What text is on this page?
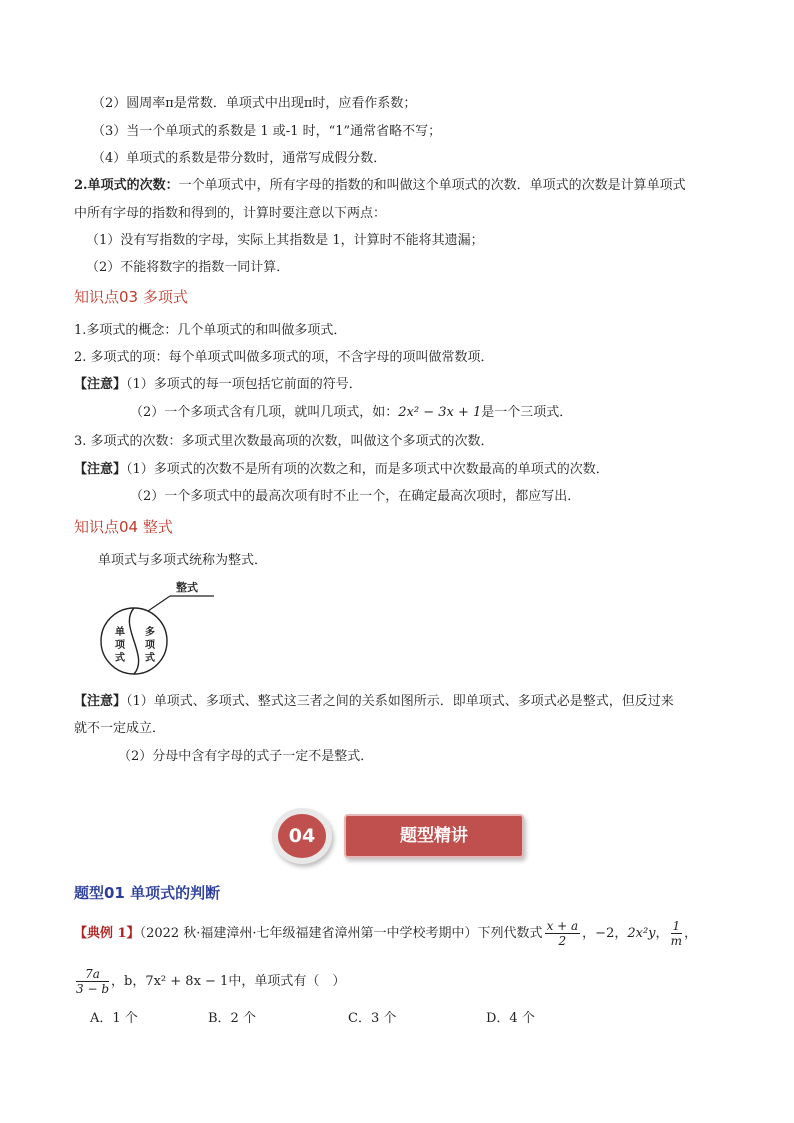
（2）圆周率π是常数．单项式中出现π时，应看作系数；
（3）当一个单项式的系数是 1 或-1 时，“1”通常省略不写；
（4）单项式的系数是带分数时，通常写成假分数．
2.单项式的次数：一个单项式中，所有字母的指数的和叫做这个单项式的次数．单项式的次数是计算单项式
中所有字母的指数和得到的，计算时要注意以下两点：
（1）没有写指数的字母，实际上其指数是 1，计算时不能将其遗漏；
（2）不能将数字的指数一同计算．
知识点03 多项式
1.多项式的概念：几个单项式的和叫做多项式．
2. 多项式的项：每个单项式叫做多项式的项，不含字母的项叫做常数项．
【注意】（1）多项式的每一项包括它前面的符号．
（2）一个多项式含有几项，就叫几项式，如：2x² − 3x + 1是一个三项式．
3. 多项式的次数：多项式里次数最高项的次数，叫做这个多项式的次数．
【注意】（1）多项式的次数不是所有项的次数之和，而是多项式中次数最高的单项式的次数．
（2）一个多项式中的最高次项有时不止一个，在确定最高次项时，都应写出．
知识点04 整式
单项式与多项式统称为整式．
整式
单
项
式
多
项
式
【注意】（1）单项式、多项式、整式这三者之间的关系如图所示．即单项式、多项式必是整式，但反过来
就不一定成立．
（2）分母中含有字母的式子一定不是整式．
04	题型精讲
题型01 单项式的判断
【典例 1】（2022 秋·福建漳州·七年级福建省漳州第一中学校考期中）下列代数式 $\frac{x + a}{2}$ ，−2，2x²y， $\frac{1}{m}$ ，
$\frac{7a}{3 - b}$ ，b，7x² + 8x − 1中，单项式有（　）
A．1 个	B．2 个	C．3 个	D．4 个
